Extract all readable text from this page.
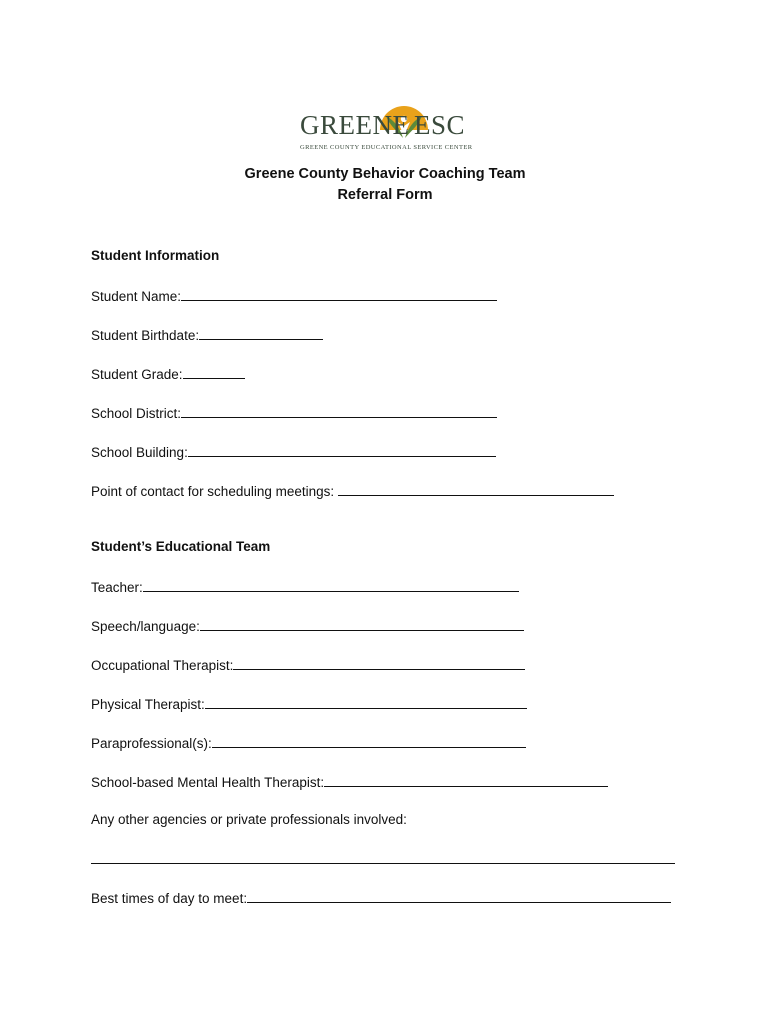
GREENE ESC
GREENE COUNTY EDUCATIONAL SERVICE CENTER
Greene County Behavior Coaching Team
Referral Form
Student Information
Student Name:
Student Birthdate:
Student Grade:
School District:
School Building:
Point of contact for scheduling meetings:
Student’s Educational Team
Teacher:
Speech/language:
Occupational Therapist:
Physical Therapist:
Paraprofessional(s):
School-based Mental Health Therapist:
Any other agencies or private professionals involved:
Best times of day to meet:
